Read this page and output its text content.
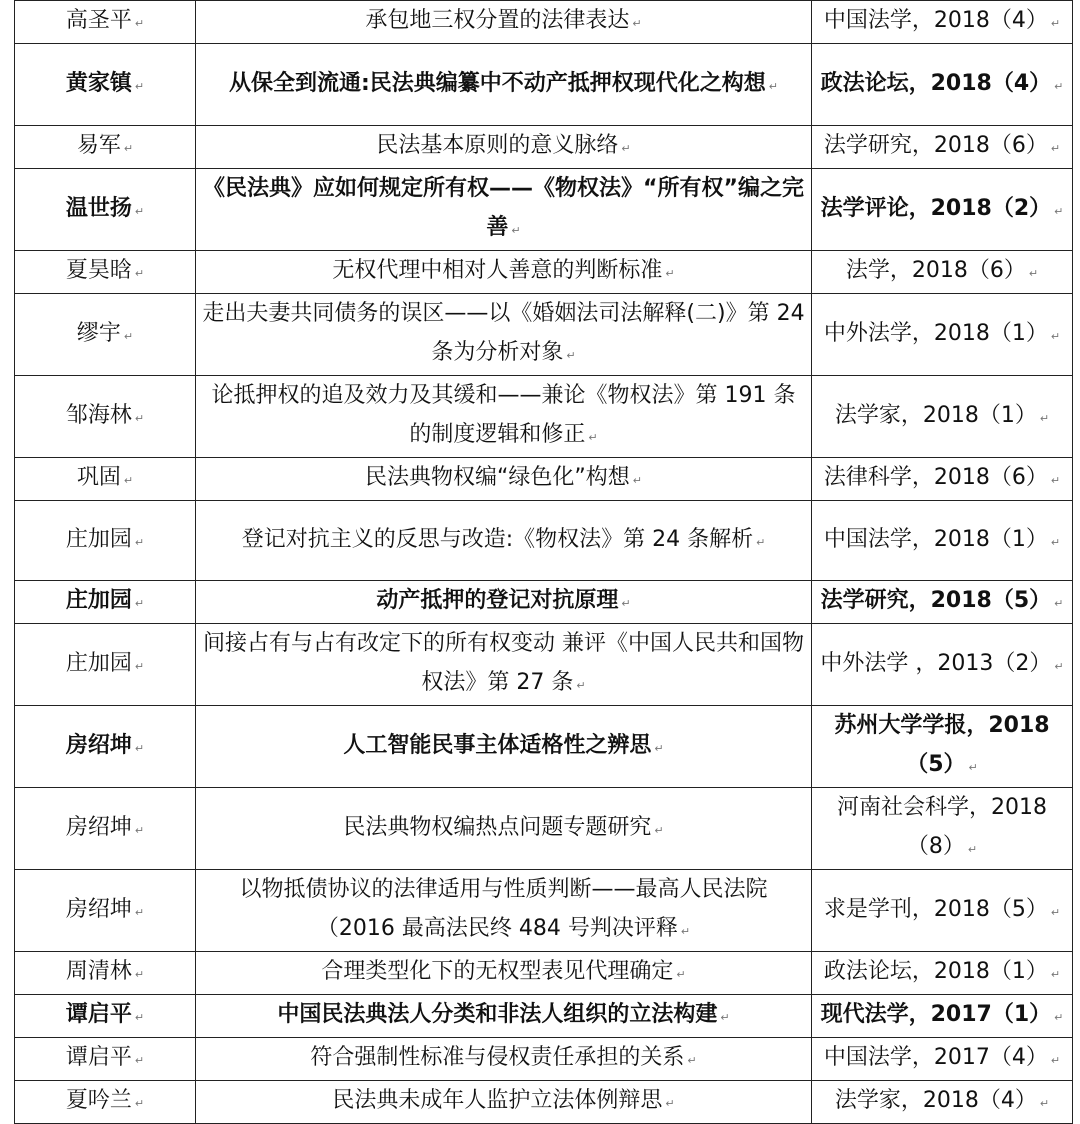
高圣平 ↵	承包地三权分置的法律表达 ↵	中国法学，2018（4） ↵
黄家镇 ↵	从保全到流通:民法典编纂中不动产抵押权现代化之构想 ↵	政法论坛，2018（4） ↵
易军 ↵	民法基本原则的意义脉络 ↵	法学研究，2018（6） ↵
温世扬 ↵	《民法典》应如何规定所有权——《物权法》“所有权”编之完善 ↵	法学评论，2018（2） ↵
夏昊晗 ↵	无权代理中相对人善意的判断标准 ↵	法学，2018（6） ↵
缪宇 ↵	走出夫妻共同债务的误区——以《婚姻法司法解释(二)》第 24 条为分析对象 ↵	中外法学，2018（1） ↵
邹海林 ↵	论抵押权的追及效力及其缓和——兼论《物权法》第 191 条的制度逻辑和修正 ↵	法学家，2018（1） ↵
巩固 ↵	民法典物权编“绿色化”构想 ↵	法律科学，2018（6） ↵
庄加园 ↵	登记对抗主义的反思与改造:《物权法》第 24 条解析 ↵	中国法学，2018（1） ↵
庄加园 ↵	动产抵押的登记对抗原理 ↵	法学研究，2018（5） ↵
庄加园 ↵	间接占有与占有改定下的所有权变动 兼评《中国人民共和国物权法》第 27 条 ↵	中外法学 ，2013（2） ↵
房绍坤 ↵	人工智能民事主体适格性之辨思 ↵	苏州大学学报，2018（5） ↵
房绍坤 ↵	民法典物权编热点问题专题研究 ↵	河南社会科学，2018（8） ↵
房绍坤 ↵	以物抵债协议的法律适用与性质判断——最高人民法院（2016 最高法民终 484 号判决评释 ↵	求是学刊，2018（5） ↵
周清林 ↵	合理类型化下的无权型表见代理确定 ↵	政法论坛，2018（1） ↵
谭启平 ↵	中国民法典法人分类和非法人组织的立法构建 ↵	现代法学，2017（1） ↵
谭启平 ↵	符合强制性标准与侵权责任承担的关系 ↵	中国法学，2017（4） ↵
夏吟兰 ↵	民法典未成年人监护立法体例辩思 ↵	法学家，2018（4） ↵
